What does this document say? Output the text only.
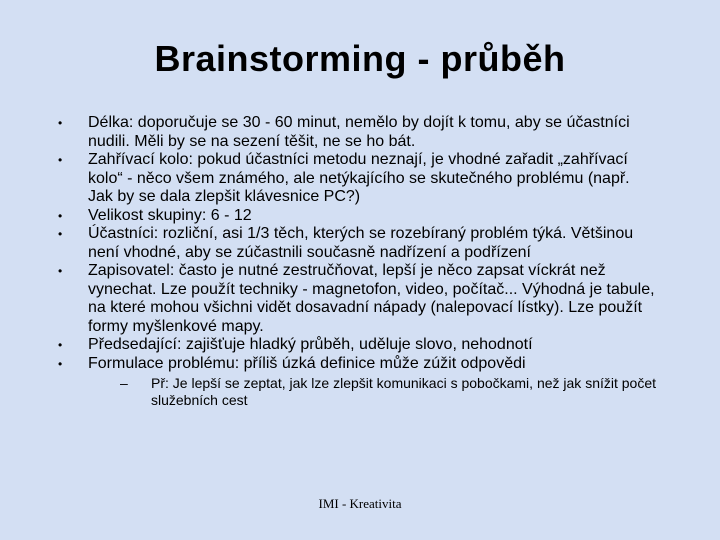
Brainstorming - průběh
•	Délka: doporučuje se 30 - 60 minut, nemělo by dojít k tomu, aby se účastníci nudili. Měli by se na sezení těšit, ne se ho bát.
•	Zahřívací kolo: pokud účastníci metodu neznají, je vhodné zařadit „zahřívací kolo“ - něco všem známého, ale netýkajícího se skutečného problému (např. Jak by se dala zlepšit klávesnice PC?)
•	Velikost skupiny: 6 - 12
•	Účastníci: rozliční, asi 1/3 těch, kterých se rozebíraný problém týká. Většinou není vhodné, aby se zúčastnili současně nadřízení a podřízení
•	Zapisovatel: často je nutné zestručňovat, lepší je něco zapsat víckrát než vynechat. Lze použít techniky - magnetofon, video, počítač... Výhodná je tabule, na které mohou všichni vidět dosavadní nápady (nalepovací lístky). Lze použít formy myšlenkové mapy.
•	Předsedající: zajišťuje hladký průběh, uděluje slovo, nehodnotí
•	Formulace problému: příliš úzká definice může zúžit odpovědi
– Př: Je lepší se zeptat, jak lze zlepšit komunikaci s pobočkami, než jak snížit počet služebních cest
IMI - Kreativita
